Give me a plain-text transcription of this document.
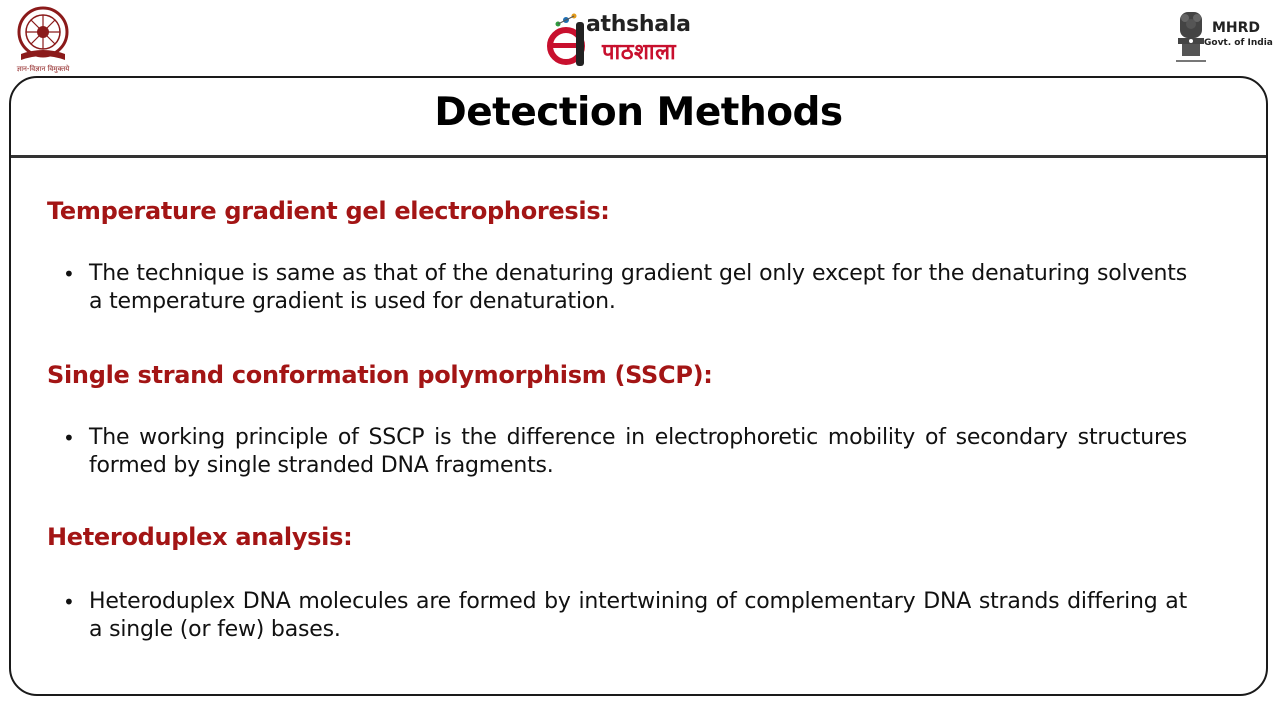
ज्ञान-विज्ञान विमुक्तये
athshala
पाठशाला
MHRD
Govt. of India
Detection Methods
Temperature gradient gel electrophoresis:
• The technique is same as that of the denaturing gradient gel only except for the denaturing solvents a temperature gradient is used for denaturation.
Single strand conformation polymorphism (SSCP):
• The working principle of SSCP is the difference in electrophoretic mobility of secondary structures formed by single stranded DNA fragments.
Heteroduplex analysis:
• Heteroduplex DNA molecules are formed by intertwining of complementary DNA strands differing at a single (or few) bases.
